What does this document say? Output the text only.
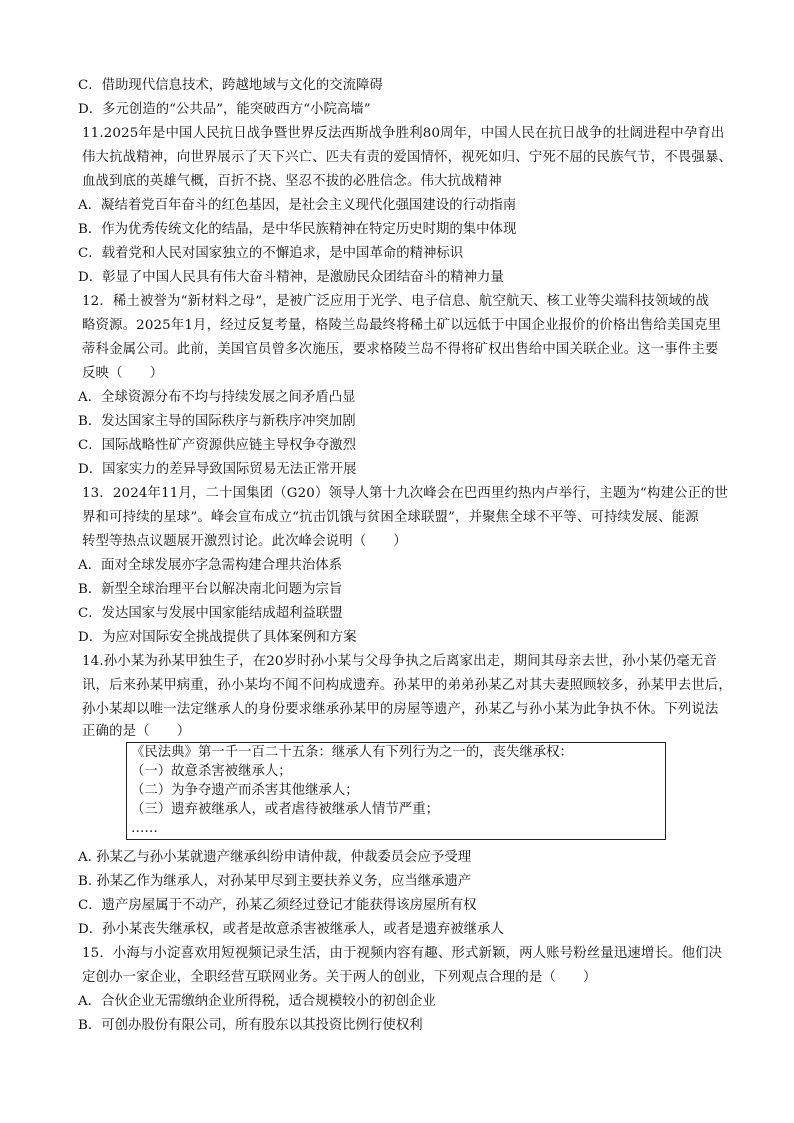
C．借助现代信息技术，跨越地域与文化的交流障碍
D．多元创造的“公共品”，能突破西方“小院高墙”
11.2025年是中国人民抗日战争暨世界反法西斯战争胜利80周年，中国人民在抗日战争的壮阔进程中孕育出
伟大抗战精神，向世界展示了天下兴亡、匹夫有责的爱国情怀，视死如归、宁死不屈的民族气节，不畏强暴、
血战到底的英雄气概，百折不挠、坚忍不拔的必胜信念。伟大抗战精神
A．凝结着党百年奋斗的红色基因，是社会主义现代化强国建设的行动指南
B．作为优秀传统文化的结晶，是中华民族精神在特定历史时期的集中体现
C．载着党和人民对国家独立的不懈追求，是中国革命的精神标识
D．彰显了中国人民具有伟大奋斗精神，是激励民众团结奋斗的精神力量
12．稀土被誉为“新材料之母”，是被广泛应用于光学、电子信息、航空航天、核工业等尖端科技领域的战
略资源。2025年1月，经过反复考量，格陵兰岛最终将稀土矿以远低于中国企业报价的价格出售给美国克里
蒂科金属公司。此前，美国官员曾多次施压，要求格陵兰岛不得将矿权出售给中国关联企业。这一事件主要
反映（　　）
A．全球资源分布不均与持续发展之间矛盾凸显
B．发达国家主导的国际秩序与新秩序冲突加剧
C．国际战略性矿产资源供应链主导权争夺激烈
D．国家实力的差异导致国际贸易无法正常开展
13．2024年11月，二十国集团（G20）领导人第十九次峰会在巴西里约热内卢举行，主题为“构建公正的世
界和可持续的星球”。峰会宣布成立“抗击饥饿与贫困全球联盟”，并聚焦全球不平等、可持续发展、能源
转型等热点议题展开激烈讨论。此次峰会说明（　　）
A．面对全球发展亦字急需构建合理共治体系
B．新型全球治理平台以解决南北问题为宗旨
C．发达国家与发展中国家能结成超利益联盟
D．为应对国际安全挑战提供了具体案例和方案
14.孙小某为孙某甲独生子，在20岁时孙小某与父母争执之后离家出走，期间其母亲去世，孙小某仍毫无音
讯，后来孙某甲病重，孙小某均不闻不问构成遗弃。孙某甲的弟弟孙某乙对其夫妻照顾较多，孙某甲去世后，
孙小某却以唯一法定继承人的身份要求继承孙某甲的房屋等遗产，孙某乙与孙小某为此争执不休。下列说法
正确的是（　　）
《民法典》第一千一百二十五条：继承人有下列行为之一的，丧失继承权：
（一）故意杀害被继承人；
（二）为争夺遗产而杀害其他继承人；
（三）遗弃被继承人，或者虐待被继承人情节严重；
……
A. 孙某乙与孙小某就遗产继承纠纷申请仲裁，仲裁委员会应予受理
B. 孙某乙作为继承人，对孙某甲尽到主要扶养义务，应当继承遗产
C．遗产房屋属于不动产，孙某乙须经过登记才能获得该房屋所有权
D．孙小某丧失继承权，或者是故意杀害被继承人，或者是遗弃被继承人
15．小海与小淀喜欢用短视频记录生活，由于视频内容有趣、形式新颖，两人账号粉丝量迅速增长。他们决
定创办一家企业，全职经营互联网业务。关于两人的创业，下列观点合理的是（　　）
A．合伙企业无需缴纳企业所得税，适合规模较小的初创企业
B．可创办股份有限公司，所有股东以其投资比例行使权利
